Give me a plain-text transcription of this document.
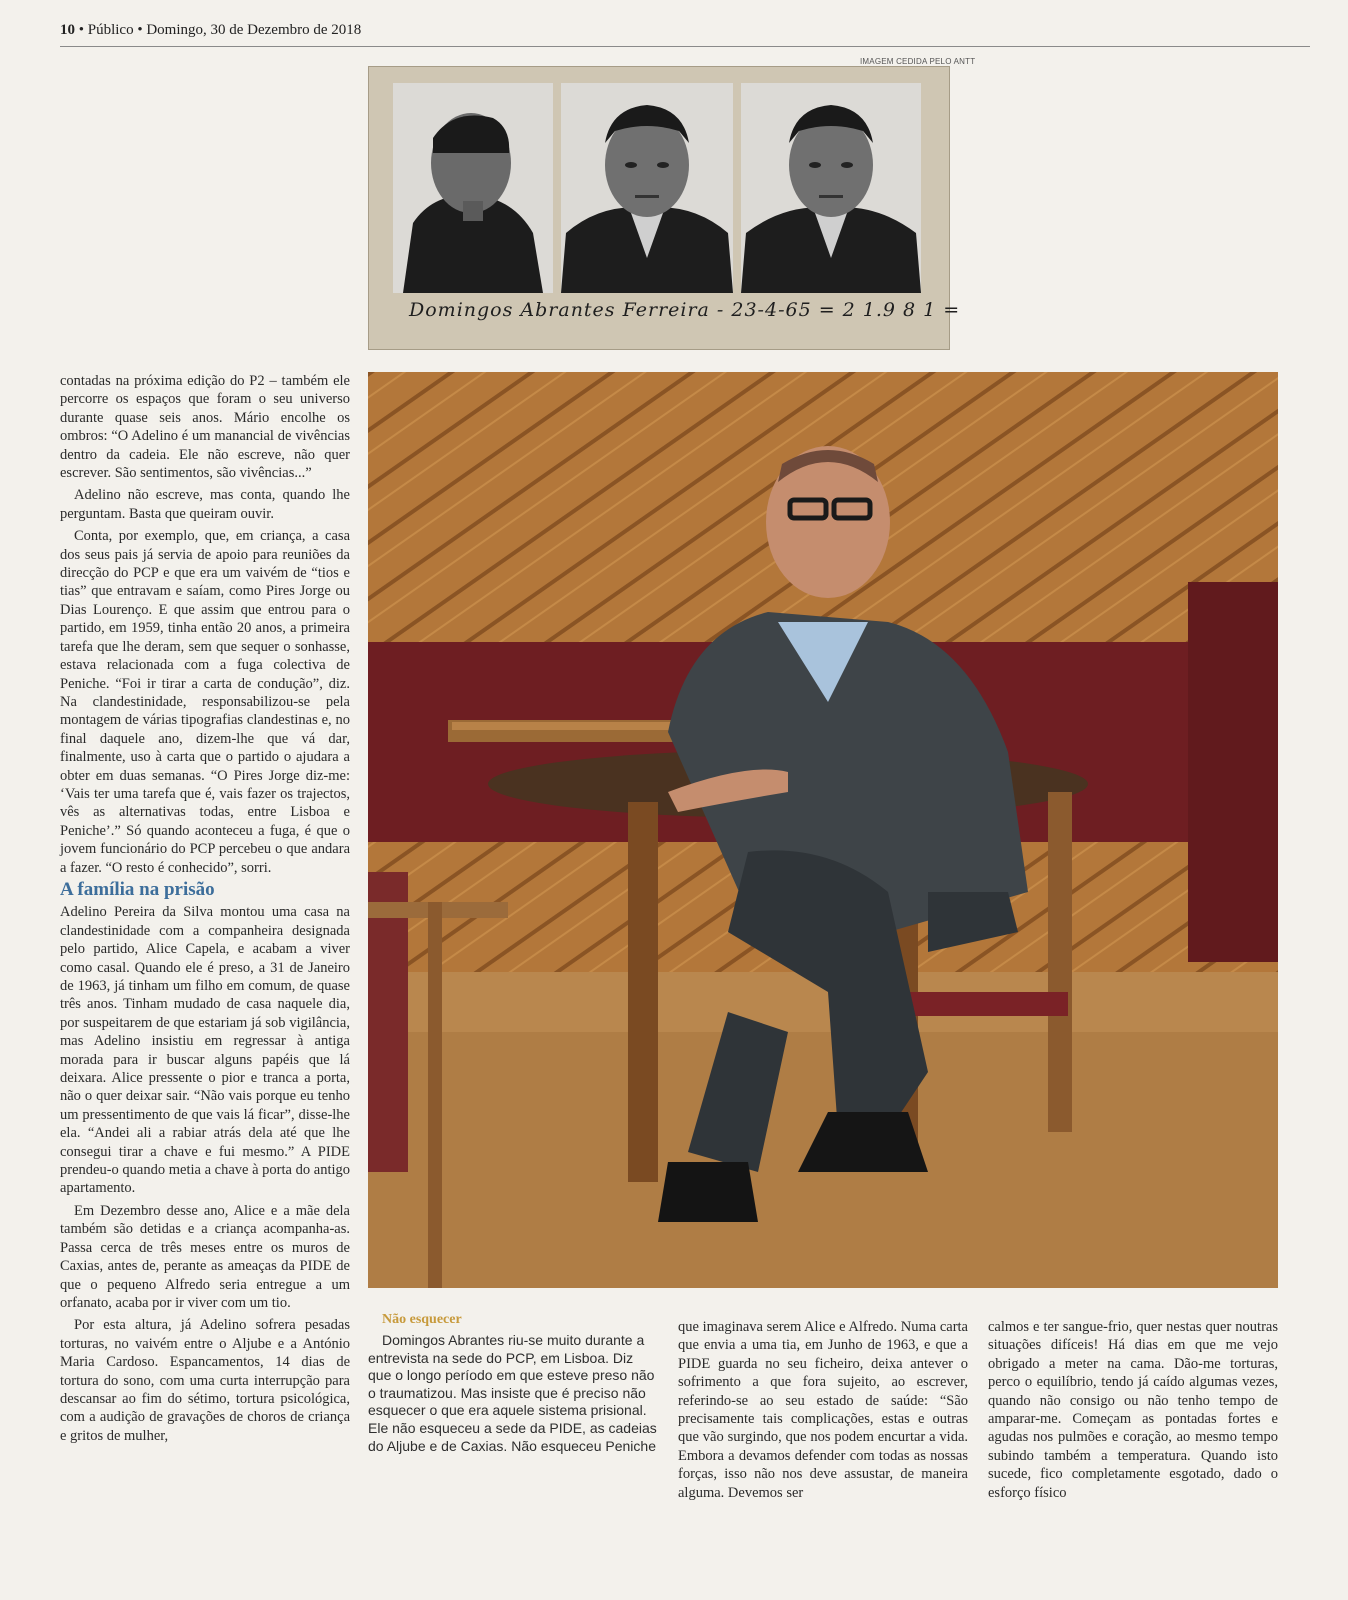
10 • Público • Domingo, 30 de Dezembro de 2018
IMAGEM CEDIDA PELO ANTT
Domingos Abrantes Ferreira - 23-4-65 = 2 1.9 8 1 =

contadas na próxima edição do P2 – também ele percorre os espaços que foram o seu universo durante quase seis anos. Mário encolhe os ombros: “O Adelino é um manancial de vivências dentro da cadeia. Ele não escreve, não quer escrever. São sentimentos, são vivências...”

Adelino não escreve, mas conta, quando lhe perguntam. Basta que queiram ouvir.

Conta, por exemplo, que, em criança, a casa dos seus pais já servia de apoio para reuniões da direcção do PCP e que era um vaivém de “tios e tias” que entravam e saíam, como Pires Jorge ou Dias Lourenço. E que assim que entrou para o partido, em 1959, tinha então 20 anos, a primeira tarefa que lhe deram, sem que sequer o sonhasse, estava relacionada com a fuga colectiva de Peniche. “Foi ir tirar a carta de condução”, diz. Na clandestinidade, responsabilizou-se pela montagem de várias tipografias clandestinas e, no final daquele ano, dizem-lhe que vá dar, finalmente, uso à carta que o partido o ajudara a obter em duas semanas. “O Pires Jorge diz-me: ‘Vais ter uma tarefa que é, vais fazer os trajectos, vês as alternativas todas, entre Lisboa e Peniche’.” Só quando aconteceu a fuga, é que o jovem funcionário do PCP percebeu o que andara a fazer. “O resto é conhecido”, sorri.

A família na prisão

Adelino Pereira da Silva montou uma casa na clandestinidade com a companheira designada pelo partido, Alice Capela, e acabam a viver como casal. Quando ele é preso, a 31 de Janeiro de 1963, já tinham um filho em comum, de quase três anos. Tinham mudado de casa naquele dia, por suspeitarem de que estariam já sob vigilância, mas Adelino insistiu em regressar à antiga morada para ir buscar alguns papéis que lá deixara. Alice pressente o pior e tranca a porta, não o quer deixar sair. “Não vais porque eu tenho um pressentimento de que vais lá ficar”, disse-lhe ela. “Andei ali a rabiar atrás dela até que lhe consegui tirar a chave e fui mesmo.” A PIDE prendeu-o quando metia a chave à porta do antigo apartamento.

Em Dezembro desse ano, Alice e a mãe dela também são detidas e a criança acompanha-as. Passa cerca de três meses entre os muros de Caxias, antes de, perante as ameaças da PIDE de que o pequeno Alfredo seria entregue a um orfanato, acaba por ir viver com um tio.

Por esta altura, já Adelino sofrera pesadas torturas, no vaivém entre o Aljube e a António Maria Cardoso. Espancamentos, 14 dias de tortura do sono, com uma curta interrupção para descansar ao fim do sétimo, tortura psicológica, com a audição de gravações de choros de criança e gritos de mulher,

Não esquecer

Domingos Abrantes riu-se muito durante a entrevista na sede do PCP, em Lisboa. Diz que o longo período em que esteve preso não o traumatizou. Mas insiste que é preciso não esquecer o que era aquele sistema prisional. Ele não esqueceu a sede da PIDE, as cadeias do Aljube e de Caxias. Não esqueceu Peniche

que imaginava serem Alice e Alfredo. Numa carta que envia a uma tia, em Junho de 1963, e que a PIDE guarda no seu ficheiro, deixa antever o sofrimento a que fora sujeito, ao escrever, referindo-se ao seu estado de saúde: “São precisamente tais complicações, estas e outras que vão surgindo, que nos podem encurtar a vida. Embora a devamos defender com todas as nossas forças, isso não nos deve assustar, de maneira alguma. Devemos ser

calmos e ter sangue-frio, quer nestas quer noutras situações difíceis! Há dias em que me vejo obrigado a meter na cama. Dão-me torturas, perco o equilíbrio, tendo já caído algumas vezes, quando não consigo ou não tenho tempo de amparar-me. Começam as pontadas fortes e agudas nos pulmões e coração, ao mesmo tempo subindo também a temperatura. Quando isto sucede, fico completamente esgotado, dado o esforço físico
